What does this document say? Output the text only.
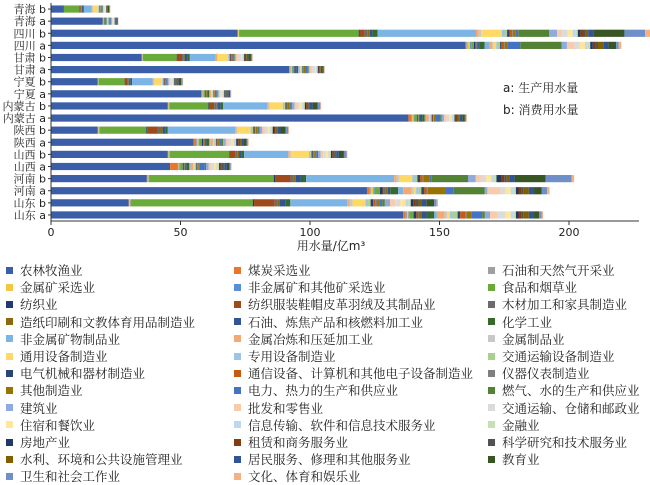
0	50	100	150	200
山东 a
山东 b
河南 a
河南 b
山西 a
山西 b
陕西 a
陕西 b
内蒙古 a
内蒙古 b
宁夏 a
宁夏 b
甘肃 a
甘肃 b
四川 a
四川 b
青海 a
青海 b
a: 生产用水量
b: 消费用水量
用水量/亿m³
农林牧渔业	煤炭采选业	石油和天然气开采业
金属矿采选业	非金属矿和其他矿采选业	食品和烟草业
纺织业	纺织服装鞋帽皮革羽绒及其制品业	木材加工和家具制造业
造纸印刷和文教体育用品制造业	石油、炼焦产品和核燃料加工业	化学工业
非金属矿物制品业	金属冶炼和压延加工业	金属制品业
通用设备制造业	专用设备制造业	交通运输设备制造业
电气机械和器材制造业	通信设备、计算机和其他电子设备制造业 仪器仪表制造业
其他制造业	电力、热力的生产和供应业	燃气、水的生产和供应业
建筑业	批发和零售业	交通运输、仓储和邮政业
住宿和餐饮业	信息传输、软件和信息技术服务业	金融业
房地产业	租赁和商务服务业	科学研究和技术服务业
水利、环境和公共设施管理业	居民服务、修理和其他服务业	教育业
卫生和社会工作业	文化、体育和娱乐业
